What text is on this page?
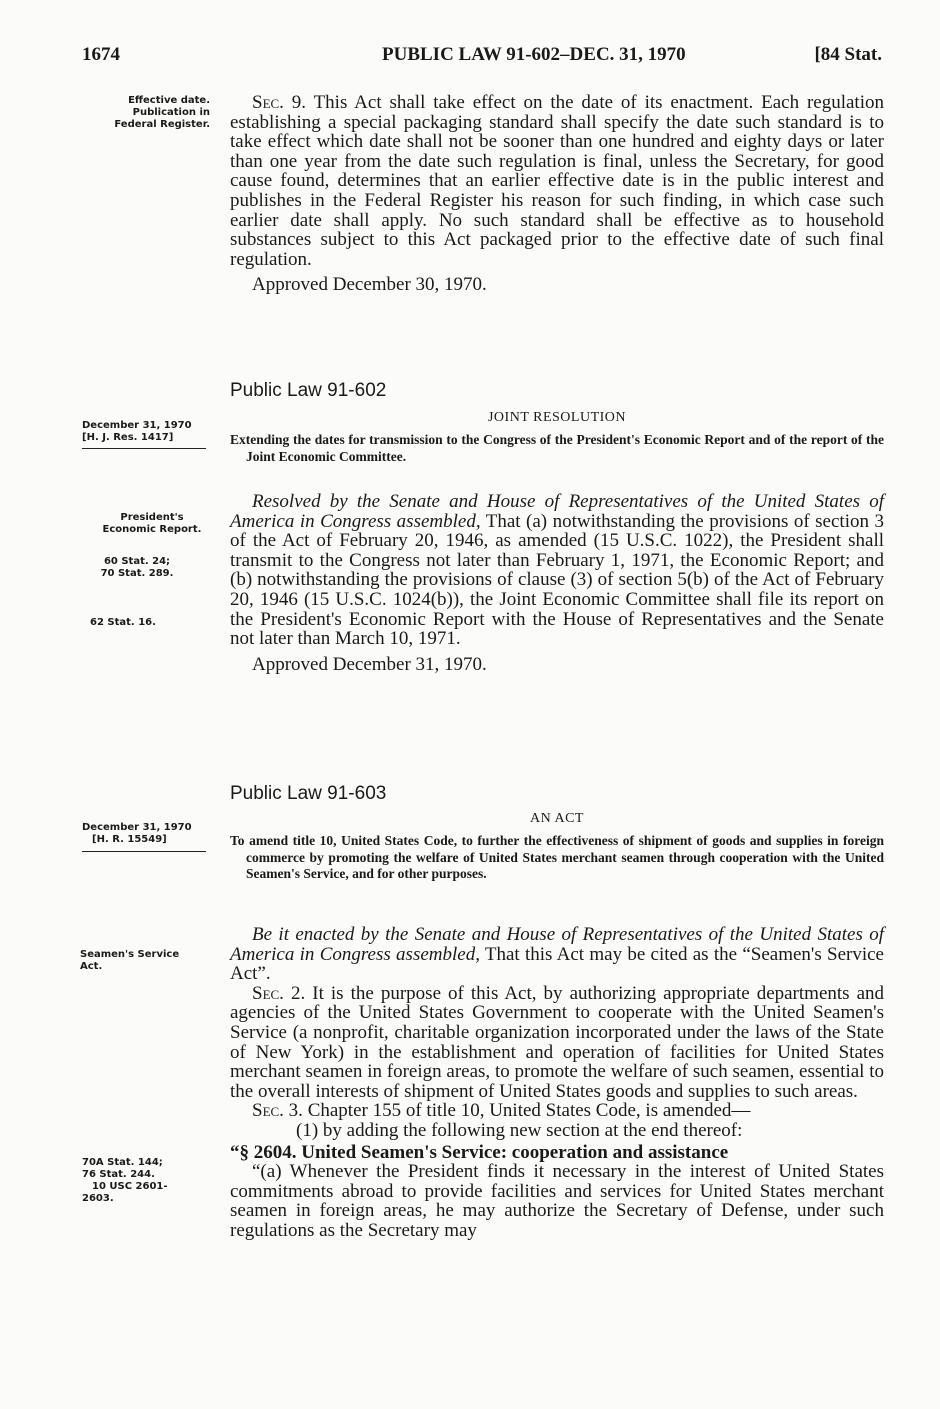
1674	PUBLIC LAW 91-602–DEC. 31, 1970	[84 Stat.
Effective date.
Publication in
Federal Register.
December 31, 1970
[H. J. Res. 1417]
President's
Economic Report.
60 Stat. 24;
70 Stat. 289.
62 Stat. 16.
December 31, 1970
[H. R. 15549]
Seamen's Service
Act.
70A Stat. 144;
76 Stat. 244.
10 USC 2601-
2603.

Sec. 9. This Act shall take effect on the date of its enactment. Each regulation establishing a special packaging standard shall specify the date such standard is to take effect which date shall not be sooner than one hundred and eighty days or later than one year from the date such regulation is final, unless the Secretary, for good cause found, determines that an earlier effective date is in the public interest and publishes in the Federal Register his reason for such finding, in which case such earlier date shall apply. No such standard shall be effective as to household substances subject to this Act packaged prior to the effective date of such final regulation.

Approved December 30, 1970.

Public Law 91-602
JOINT RESOLUTION
Extending the dates for transmission to the Congress of the President's Economic Report and of the report of the Joint Economic Committee.

Resolved by the Senate and House of Representatives of the United States of America in Congress assembled, That (a) notwithstanding the provisions of section 3 of the Act of February 20, 1946, as amended (15 U.S.C. 1022), the President shall transmit to the Congress not later than February 1, 1971, the Economic Report; and (b) notwithstanding the provisions of clause (3) of section 5(b) of the Act of February 20, 1946 (15 U.S.C. 1024(b)), the Joint Economic Committee shall file its report on the President's Economic Report with the House of Representatives and the Senate not later than March 10, 1971.

Approved December 31, 1970.

Public Law 91-603
AN ACT
To amend title 10, United States Code, to further the effectiveness of shipment of goods and supplies in foreign commerce by promoting the welfare of United States merchant seamen through cooperation with the United Seamen's Service, and for other purposes.

Be it enacted by the Senate and House of Representatives of the United States of America in Congress assembled, That this Act may be cited as the “Seamen's Service Act”.

Sec. 2. It is the purpose of this Act, by authorizing appropriate departments and agencies of the United States Government to cooperate with the United Seamen's Service (a nonprofit, charitable organization incorporated under the laws of the State of New York) in the establishment and operation of facilities for United States merchant seamen in foreign areas, to promote the welfare of such seamen, essential to the overall interests of shipment of United States goods and supplies to such areas.

Sec. 3. Chapter 155 of title 10, United States Code, is amended—

(1) by adding the following new section at the end thereof:

“§ 2604. United Seamen's Service: cooperation and assistance

“(a) Whenever the President finds it necessary in the interest of United States commitments abroad to provide facilities and services for United States merchant seamen in foreign areas, he may authorize the Secretary of Defense, under such regulations as the Secretary may
